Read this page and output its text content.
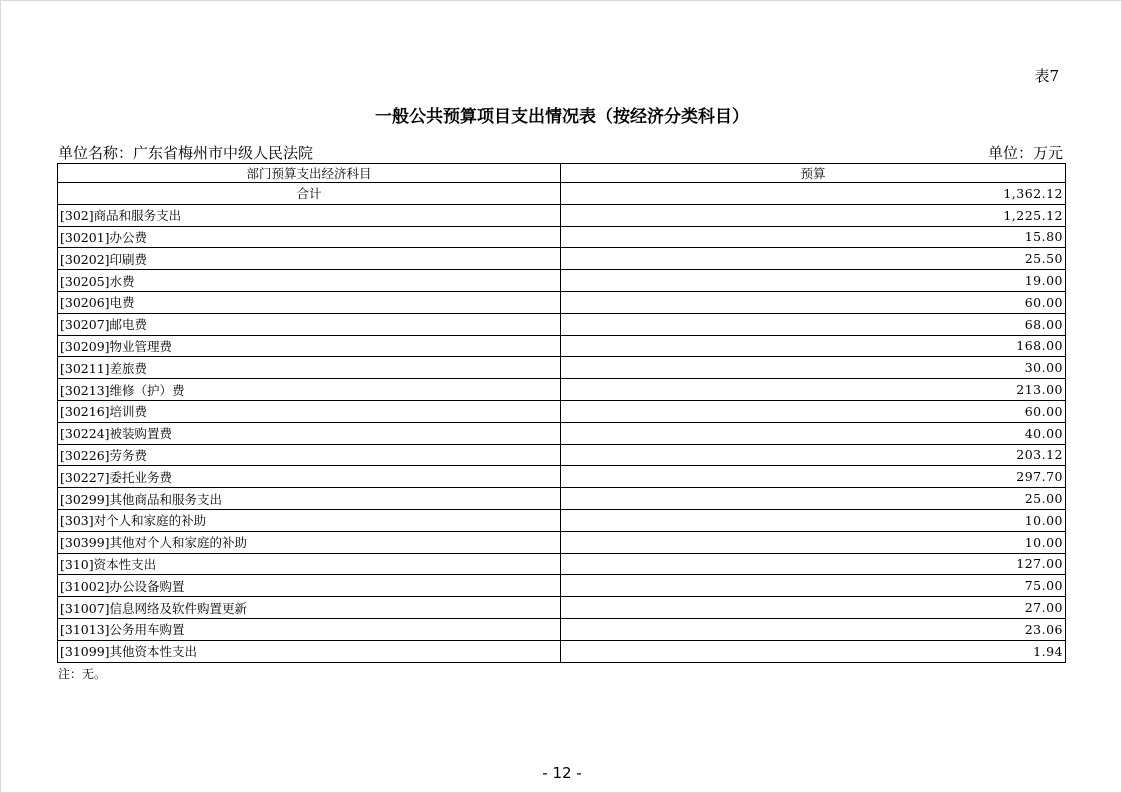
表7
一般公共预算项目支出情况表（按经济分类科目）
单位名称：广东省梅州市中级人民法院	单位：万元
部门预算支出经济科目	预算
合计	1,362.12
[302]商品和服务支出	1,225.12
[30201]办公费	15.80
[30202]印刷费	25.50
[30205]水费	19.00
[30206]电费	60.00
[30207]邮电费	68.00
[30209]物业管理费	168.00
[30211]差旅费	30.00
[30213]维修（护）费	213.00
[30216]培训费	60.00
[30224]被装购置费	40.00
[30226]劳务费	203.12
[30227]委托业务费	297.70
[30299]其他商品和服务支出	25.00
[303]对个人和家庭的补助	10.00
[30399]其他对个人和家庭的补助	10.00
[310]资本性支出	127.00
[31002]办公设备购置	75.00
[31007]信息网络及软件购置更新	27.00
[31013]公务用车购置	23.06
[31099]其他资本性支出	1.94
注：无。
- 12 -
